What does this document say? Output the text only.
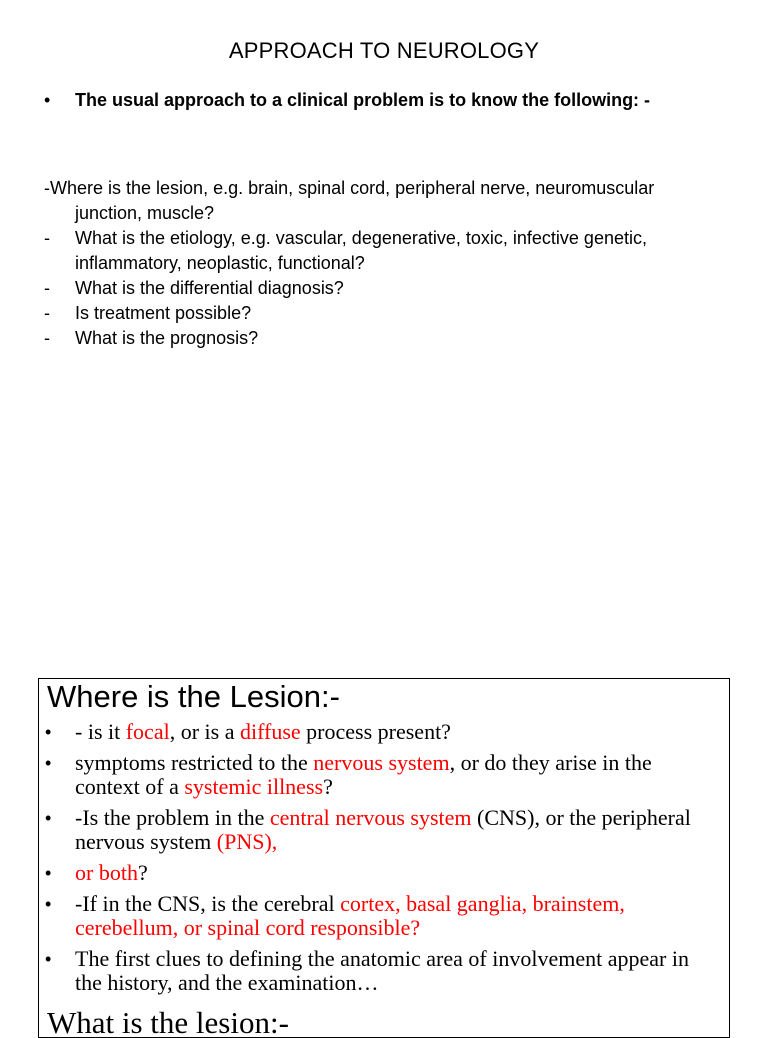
APPROACH TO NEUROLOGY
• The usual approach to a clinical problem is to know the following: -
-Where is the lesion, e.g. brain, spinal cord, peripheral nerve, neuromuscular junction, muscle?
- What is the etiology, e.g. vascular, degenerative, toxic, infective genetic, inflammatory, neoplastic, functional?
- What is the differential diagnosis?
- Is treatment possible?
- What is the prognosis?
Where is the Lesion:-
• - is it focal, or is a diffuse process present?
• symptoms restricted to the nervous system, or do they arise in the context of a systemic illness?
• -Is the problem in the central nervous system (CNS), or the peripheral nervous system (PNS),
• or both?
• -If in the CNS, is the cerebral cortex, basal ganglia, brainstem, cerebellum, or spinal cord responsible?
• The first clues to defining the anatomic area of involvement appear in the history, and the examination…
What is the lesion:-
